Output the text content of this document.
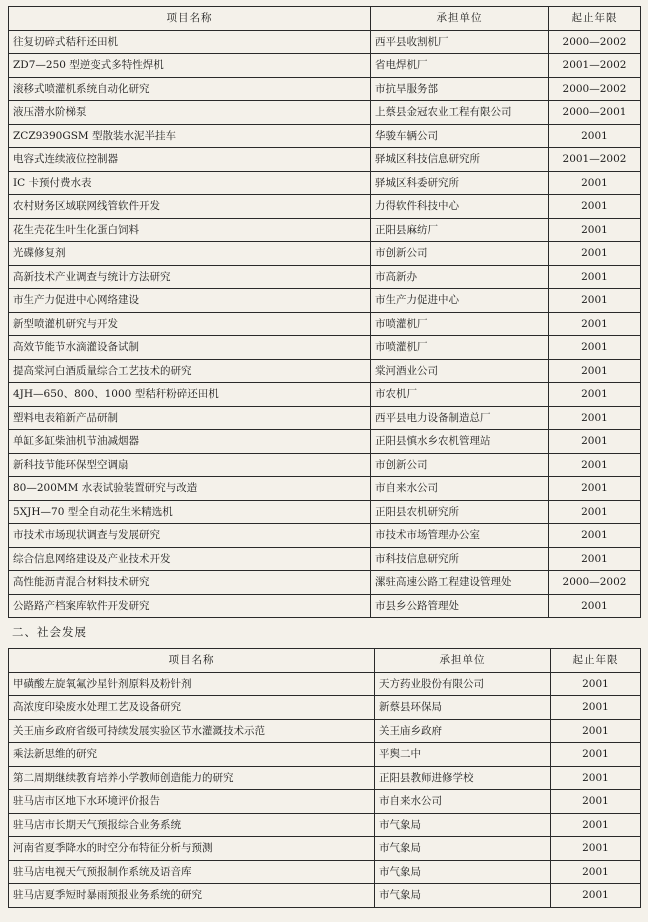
项目名称	承担单位	起止年限
往复切碎式秸秆还田机	西平县收割机厂	2000—2002
ZD7—250 型逆变式多特性焊机	省电焊机厂	2001—2002
滚移式喷灌机系统自动化研究	市抗旱服务部	2000—2002
液压潜水阶梯泵	上蔡县金冠农业工程有限公司	2000—2001
ZCZ9390GSM 型散装水泥半挂车	华骏车辆公司	2001
电容式连续液位控制器	驿城区科技信息研究所	2001—2002
IC 卡预付费水表	驿城区科委研究所	2001
农村财务区域联网线管软件开发	力得软件科技中心	2001
花生壳花生叶生化蛋白饲料	正阳县麻纺厂	2001
光碟修复剂	市创新公司	2001
高新技术产业调查与统计方法研究	市高新办	2001
市生产力促进中心网络建设	市生产力促进中心	2001
新型喷灌机研究与开发	市喷灌机厂	2001
高效节能节水滴灌设备试制	市喷灌机厂	2001
提高棠河白酒质量综合工艺技术的研究	棠河酒业公司	2001
4JH—650、800、1000 型秸秆粉碎还田机	市农机厂	2001
塑料电表箱新产品研制	西平县电力设备制造总厂	2001
单缸多缸柴油机节油减烟器	正阳县慎水乡农机管理站	2001
新科技节能环保型空调扇	市创新公司	2001
80—200MM 水表试验装置研究与改造	市自来水公司	2001
5XJH—70 型全自动花生米精选机	正阳县农机研究所	2001
市技术市场现状调查与发展研究	市技术市场管理办公室	2001
综合信息网络建设及产业技术开发	市科技信息研究所	2001
高性能沥青混合材料技术研究	漯驻高速公路工程建设管理处	2000—2002
公路路产档案库软件开发研究	市县乡公路管理处	2001
二、社会发展
项目名称	承担单位	起止年限
甲磺酸左旋氧氟沙星针剂原料及粉针剂	天方药业股份有限公司	2001
高浓度印染废水处理工艺及设备研究	新蔡县环保局	2001
关王庙乡政府省级可持续发展实验区节水灌溉技术示范	关王庙乡政府	2001
乘法新思维的研究	平舆二中	2001
第二周期继续教育培养小学教师创造能力的研究	正阳县教师进修学校	2001
驻马店市区地下水环境评价报告	市自来水公司	2001
驻马店市长期天气预报综合业务系统	市气象局	2001
河南省夏季降水的时空分布特征分析与预测	市气象局	2001
驻马店电视天气预报制作系统及语音库	市气象局	2001
驻马店夏季短时暴雨预报业务系统的研究	市气象局	2001
